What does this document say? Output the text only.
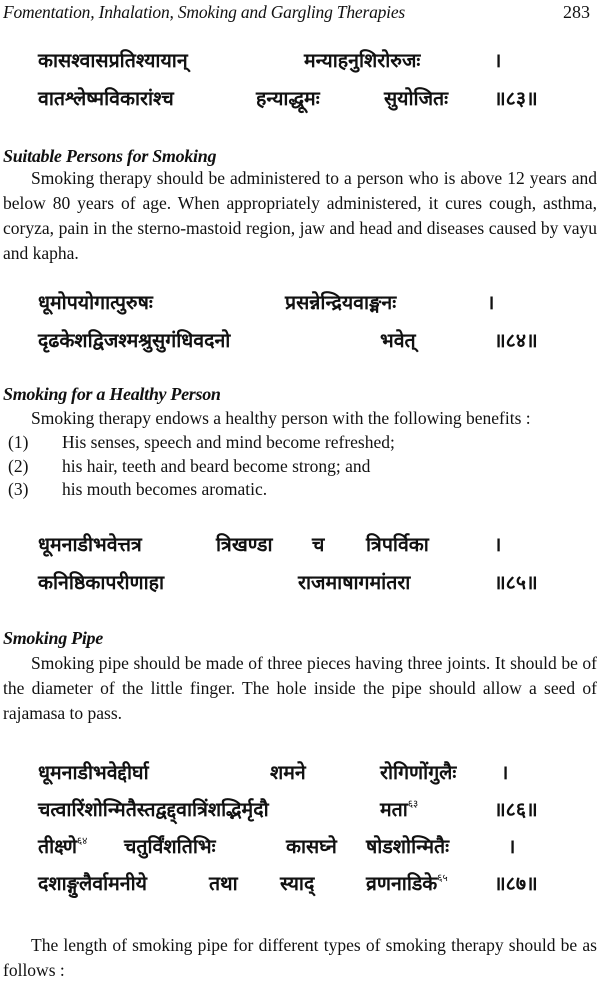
Fomentation, Inhalation, Smoking and Gargling Therapies	283
कासश्वासप्रतिश्यायान्	मन्याहनुशिरोरुजः	।
वातश्लेष्मविकारांश्च	हन्याद्धूमः	सुयोजितः ॥८३॥
Suitable Persons for Smoking

Smoking therapy should be administered to a person who is above 12 years and below 80 years of age. When appropriately administered, it cures cough, asthma, coryza, pain in the sterno-mastoid region, jaw and head and diseases caused by vayu and kapha.

धूमोपयोगात्पुरुषः	प्रसन्नेन्द्रियवाङ्मनः	।
दृढकेशद्विजश्मश्रुसुगंधिवदनो	भवेत्	॥८४॥
Smoking for a Healthy Person

Smoking therapy endows a healthy person with the following benefits :

(1) His senses, speech and mind become refreshed;
(2) his hair, teeth and beard become strong; and
(3) his mouth becomes aromatic.
धूमनाडीभवेत्तत्र	त्रिखण्डा च त्रिपर्विका	।
कनिष्ठिकापरीणाहा	राजमाषागमांतरा	॥८५॥
Smoking Pipe

Smoking pipe should be made of three pieces having three joints. It should be of the diameter of the little finger. The hole inside the pipe should allow a seed of rajamasa to pass.

धूमनाडीभवेद्दीर्घा	शमने	रोगिणोंगुलैः ।
चत्वारिंशोन्मितैस्तद्वद्द्वात्रिंशद्भिर्मृदौ	मता$^{६३}$	॥८६॥
तीक्ष्णे$^{६४}$ चतुर्विंशतिभिः	कासघ्ने षोडशोन्मितैः	।
दशाङ्गुलैर्वामनीये	तथा स्याद्	व्रणनाडिके$^{६५}$ ॥८७॥

The length of smoking pipe for different types of smoking therapy should be as follows :
